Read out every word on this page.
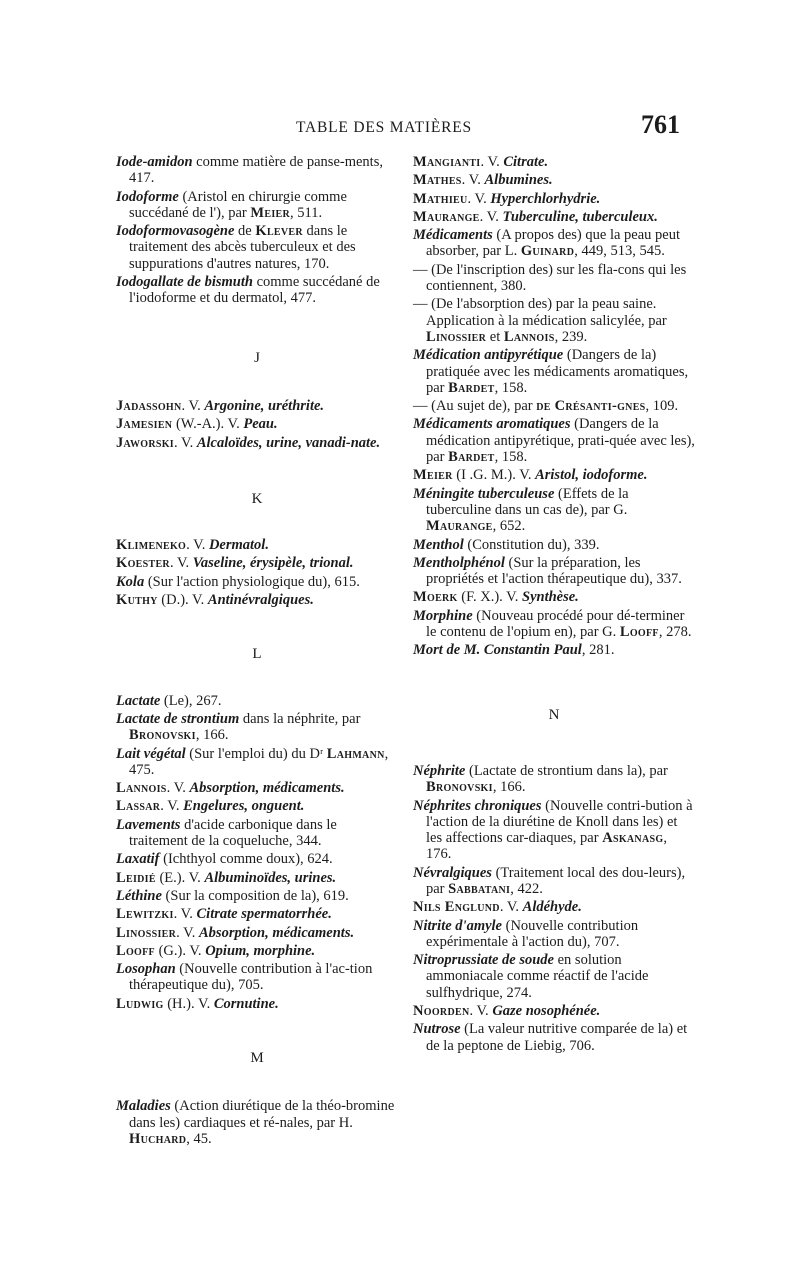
TABLE DES MATIÈRES	761
Iode-amidon comme matière de panse-ments, 417.
Iodoforme (Aristol en chirurgie comme succédané de l'), par Meier, 511.
Iodoformovasogène de Klever dans le traitement des abcès tuberculeux et des suppurations d'autres natures, 170.
Iodogallate de bismuth comme succédané de l'iodoforme et du dermatol, 477.
J
Jadassohn. V. Argonine, uréthrite.
Jamesien (W.-A.). V. Peau.
Jaworski. V. Alcaloïdes, urine, vanadi-nate.
K
Klimeneko. V. Dermatol.
Koester. V. Vaseline, érysipèle, trional.
Kola (Sur l'action physiologique du), 615.
Kuthy (D.). V. Antinévralgiques.
L
Lactate (Le), 267.
Lactate de strontium dans la néphrite, par Bronovski, 166.
Lait végétal (Sur l'emploi du) du Dʳ Lahmann, 475.
Lannois. V. Absorption, médicaments.
Lassar. V. Engelures, onguent.
Lavements d'acide carbonique dans le traitement de la coqueluche, 344.
Laxatif (Ichthyol comme doux), 624.
Leidié (E.). V. Albuminoïdes, urines.
Léthine (Sur la composition de la), 619.
Lewitzki. V. Citrate spermatorrhée.
Linossier. V. Absorption, médicaments.
Looff (G.). V. Opium, morphine.
Losophan (Nouvelle contribution à l'ac-tion thérapeutique du), 705.
Ludwig (H.). V. Cornutine.
M
Maladies (Action diurétique de la théo-bromine dans les) cardiaques et ré-nales, par H. Huchard, 45.
Mangianti. V. Citrate.
Mathes. V. Albumines.
Mathieu. V. Hyperchlorhydrie.
Maurange. V. Tuberculine, tuberculeux.
Médicaments (A propos des) que la peau peut absorber, par L. Guinard, 449, 513, 545.
— (De l'inscription des) sur les fla-cons qui les contiennent, 380.
— (De l'absorption des) par la peau saine. Application à la médication salicylée, par Linossier et Lannois, 239.
Médication antipyrétique (Dangers de la) pratiquée avec les médicaments aromatiques, par Bardet, 158.
— (Au sujet de), par de Crésanti-gnes, 109.
Médicaments aromatiques (Dangers de la médication antipyrétique, prati-quée avec les), par Bardet, 158.
Meier (I .G. M.). V. Aristol, iodoforme.
Méningite tuberculeuse (Effets de la tuberculine dans un cas de), par G. Maurange, 652.
Menthol (Constitution du), 339.
Mentholphénol (Sur la préparation, les propriétés et l'action thérapeutique du), 337.
Moerk (F. X.). V. Synthèse.
Morphine (Nouveau procédé pour dé-terminer le contenu de l'opium en), par G. Looff, 278.
Mort de M. Constantin Paul, 281.
N
Néphrite (Lactate de strontium dans la), par Bronovski, 166.
Néphrites chroniques (Nouvelle contri-bution à l'action de la diurétine de Knoll dans les) et les affections car-diaques, par Askanasg, 176.
Névralgiques (Traitement local des dou-leurs), par Sabbatani, 422.
Nils Englund. V. Aldéhyde.
Nitrite d'amyle (Nouvelle contribution expérimentale à l'action du), 707.
Nitroprussiate de soude en solution ammoniacale comme réactif de l'acide sulfhydrique, 274.
Noorden. V. Gaze nosophénée.
Nutrose (La valeur nutritive comparée de la) et de la peptone de Liebig, 706.
